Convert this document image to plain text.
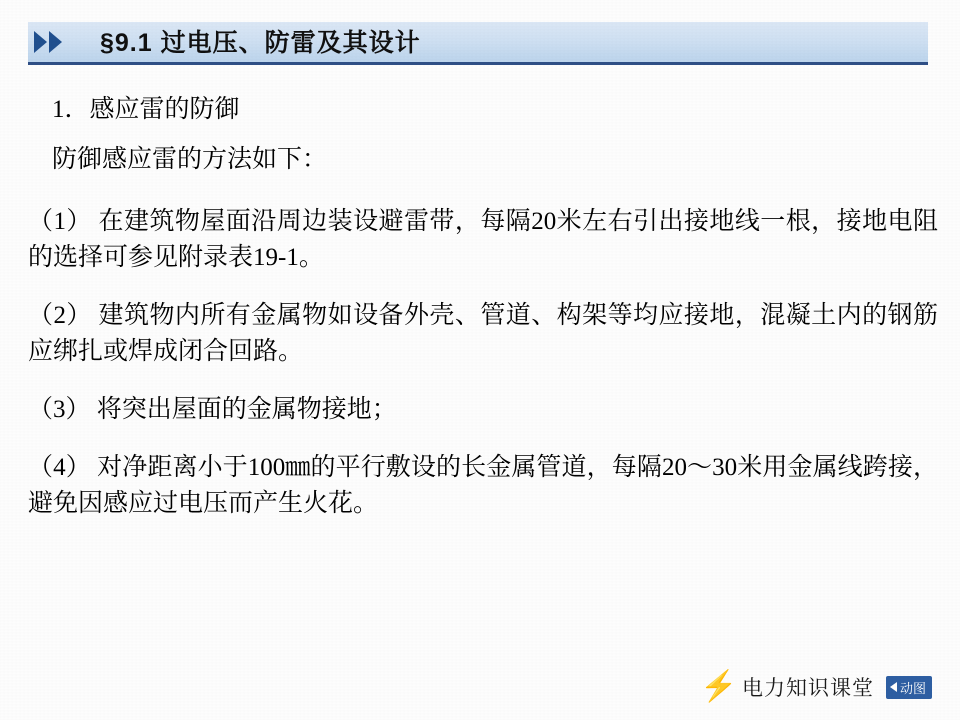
§9.1 过电压、防雷及其设计
1．感应雷的防御
防御感应雷的方法如下：
（1） 在建筑物屋面沿周边装设避雷带，每隔20米左右引出接地线一根，接地电阻的选择可参见附录表19-1。
（2） 建筑物内所有金属物如设备外壳、管道、构架等均应接地，混凝土内的钢筋应绑扎或焊成闭合回路。
（3） 将突出屋面的金属物接地；
（4） 对净距离小于100㎜的平行敷设的长金属管道，每隔20～30米用金属线跨接，避免因感应过电压而产生火花。
⚡ 电力知识课堂 动图
